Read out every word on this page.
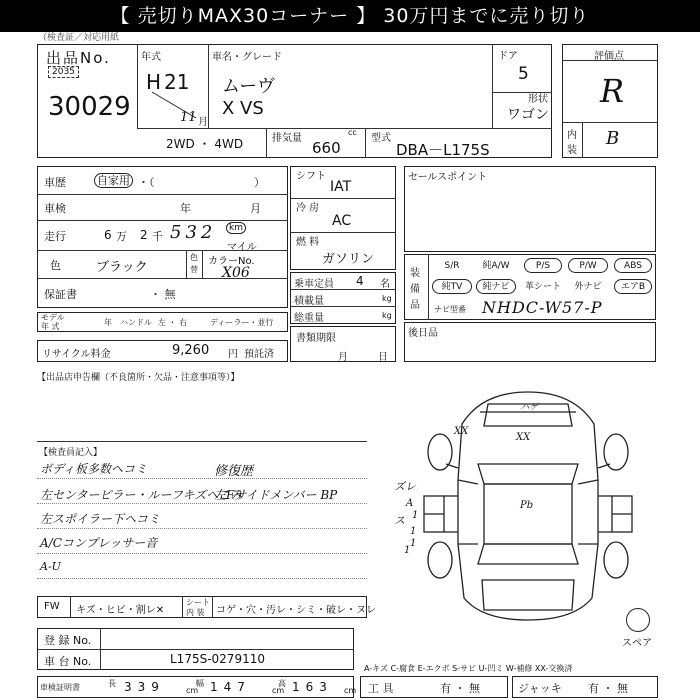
【 売切りMAX30コーナー 】 30万円までに売り切り
（検査証／対応用紙
出品No.
2035
30029
年式
H 21
11 月
車名・グレード
ムーヴ
X VS
ドア
5
形状
ワゴン
2WD ・ 4WD	排気量
cc
660
型式
DBA－L175S
評価点
R
内
装
B
車歴	自家用 ・（	）
車検	年	月
走行	6 万 2 千 532	km
マイル
色	ブラック
色
替
カラーNo.
X06
保証書	・ 無
モデル
年 式	年 ハンドル 左 ・ 右	ディーラー・並行
リサイクル料金	9,260 円 預託済
シフト
IAT
冷 房
AC
燃 料
ガソリン
乗車定員 4 名
積載量	kg
総重量	kg
書類期限
月	日
セールスポイント
装
備
品
S/R	純A/W	P/S	P/W	ABS
純TV	純ナビ	革シート	外ナビ	エアB
ナビ型番 NHDC-W57-P
後日品
【出品店申告欄（不良箇所・欠品・注意事項等）】
【検査員記入】
ボディ板多数ヘコミ
左センターピラー・ルーフキズへこみ
左スポイラー下ヘコミ
A/Cコンプレッサー音
A-U
修復歴
左Fサイドメンバー BP
XX
XX
ハゲ
Pb
ズレ
ス
A
1
1
1
1
スペア
FW キズ・ヒビ・割レ✕
シート
内 装 コゲ・穴・汚レ・シミ・破レ・ヌレ
登 録 No.
車 台 No.	L175S-0279110
A-キズ C-腐食 E-エクボ S-サビ U-凹ミ W-補修 XX-交換済
車検証明書	長 339	cm
幅 147	cm
高 163 cm 工 具	有 ・ 無	ジャッキ 有 ・ 無
